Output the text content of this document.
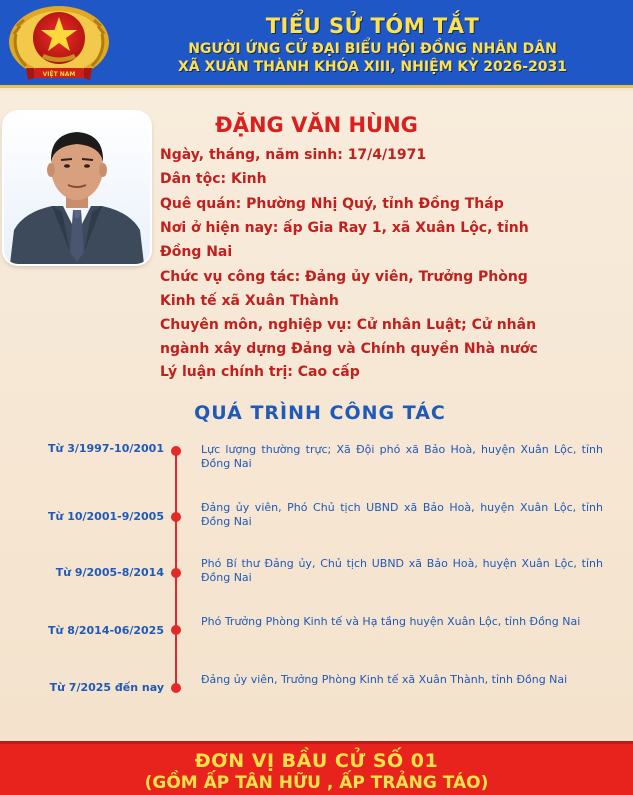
VIỆT NAM
TIỂU SỬ TÓM TẮT
NGƯỜI ỨNG CỬ ĐẠI BIỂU HỘI ĐỒNG NHÂN DÂN
XÃ XUÂN THÀNH KHÓA XIII, NHIỆM KỲ 2026-2031
ĐẶNG VĂN HÙNG
Ngày, tháng, năm sinh: 17/4/1971
Dân tộc: Kinh
Quê quán: Phường Nhị Quý, tỉnh Đồng Tháp
Nơi ở hiện nay: ấp Gia Ray 1, xã Xuân Lộc, tỉnh
Đồng Nai
Chức vụ công tác: Đảng ủy viên, Trưởng Phòng
Kinh tế xã Xuân Thành
Chuyên môn, nghiệp vụ: Cử nhân Luật; Cử nhân
ngành xây dựng Đảng và Chính quyền Nhà nước
Lý luận chính trị: Cao cấp
QUÁ TRÌNH CÔNG TÁC
Từ 3/1997-10/2001	Lực lượng thường trực; Xã Đội phó xã Bảo Hoà, huyện Xuân Lộc, tỉnh Đồng Nai
Từ 10/2001-9/2005
Đảng ủy viên, Phó Chủ tịch UBND xã Bảo Hoà, huyện Xuân Lộc, tỉnh Đồng Nai
Từ 9/2005-8/2014
Phó Bí thư Đảng ủy, Chủ tịch UBND xã Bảo Hoà, huyện Xuân Lộc, tỉnh Đồng Nai
Từ 8/2014-06/2025
Phó Trưởng Phòng Kinh tế và Hạ tầng huyện Xuân Lộc, tỉnh Đồng Nai
Từ 7/2025 đến nay
Đảng ủy viên, Trưởng Phòng Kinh tế xã Xuân Thành, tỉnh Đồng Nai
ĐƠN VỊ BẦU CỬ SỐ 01
(GỒM ẤP TÂN HỮU , ẤP TRẢNG TÁO)
